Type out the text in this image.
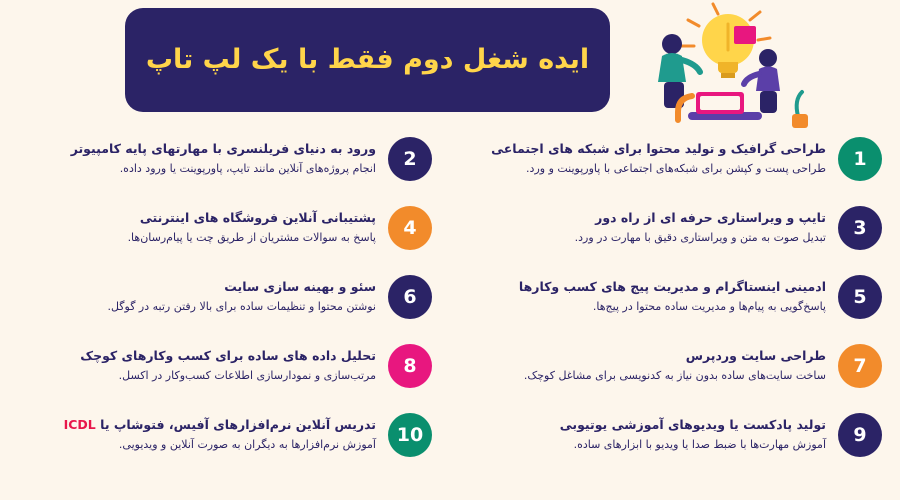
ایده شغل دوم فقط با یک لپ تاپ
1
طراحی گرافیک و تولید محتوا برای شبکه های اجتماعی
طراحی پست و کپشن برای شبکه‌های اجتماعی با پاورپوینت و ورد.
2
ورود به دنیای فریلنسری با مهارتهای پایه کامپیوتر
انجام پروژه‌های آنلاین مانند تایپ، پاورپوینت یا ورود داده.
3
تایپ و ویراستاری حرفه ای از راه دور
تبدیل صوت به متن و ویراستاری دقیق با مهارت در ورد.
4
پشتیبانی آنلاین فروشگاه های اینترنتی
پاسخ به سوالات مشتریان از طریق چت یا پیام‌رسان‌ها.
5
ادمینی اینستاگرام و مدیریت پیج های کسب وکارها
پاسخ‌گویی به پیام‌ها و مدیریت ساده محتوا در پیج‌ها.
6
سئو و بهینه سازی سایت
نوشتن محتوا و تنظیمات ساده برای بالا رفتن رتبه در گوگل.
7
طراحی سایت وردپرس
ساخت سایت‌های ساده بدون نیاز به کدنویسی برای مشاغل کوچک.
8
تحلیل داده های ساده برای کسب وکارهای کوچک
مرتب‌سازی و نمودارسازی اطلاعات کسب‌وکار در اکسل.
9
تولید پادکست یا ویدیوهای آموزشی یوتیوبی
آموزش مهارت‌ها با ضبط صدا یا ویدیو با ابزارهای ساده.
10
تدریس آنلاین نرم‌افزارهای آفیس، فتوشاپ یا ICDL
آموزش نرم‌افزارها به دیگران به صورت آنلاین و ویدیویی.
